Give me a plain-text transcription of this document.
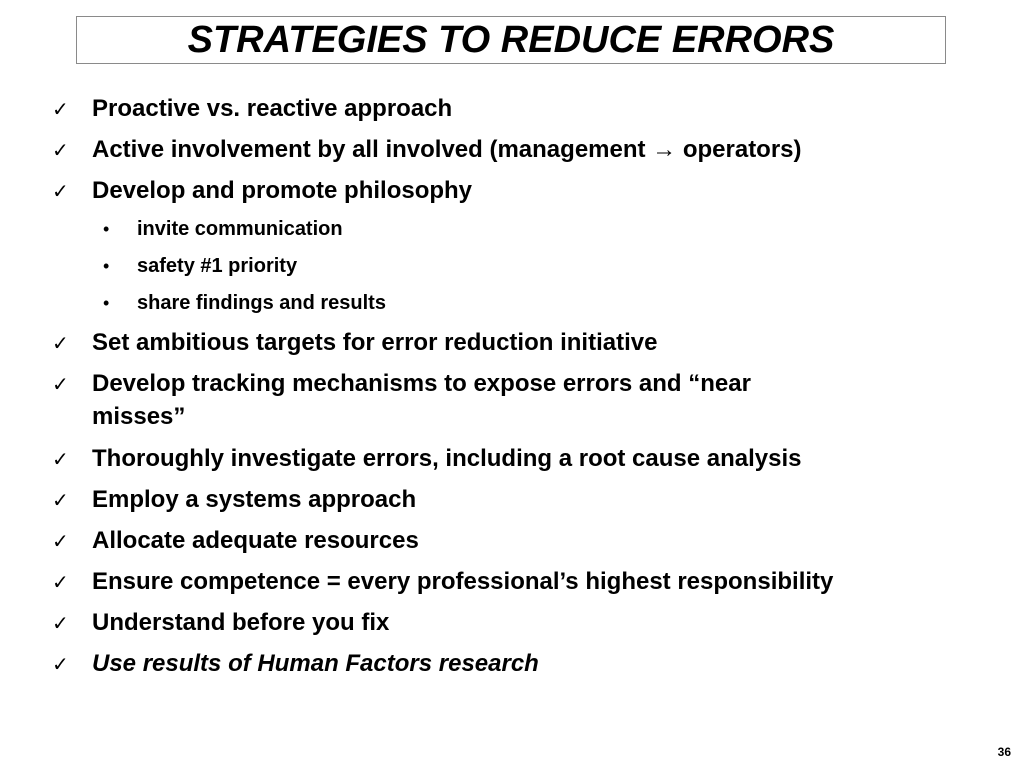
STRATEGIES TO REDUCE ERRORS
✓ Proactive vs. reactive approach
✓ Active involvement by all involved (management → operators)
✓ Develop and promote philosophy
• invite communication
• safety #1 priority
• share findings and results
✓ Set ambitious targets for error reduction initiative
✓ Develop tracking mechanisms to expose errors and “near
misses”
✓ Thoroughly investigate errors, including a root cause analysis
✓ Employ a systems approach
✓ Allocate adequate resources
✓ Ensure competence = every professional’s highest responsibility
✓ Understand before you fix
✓ Use results of Human Factors research
36
